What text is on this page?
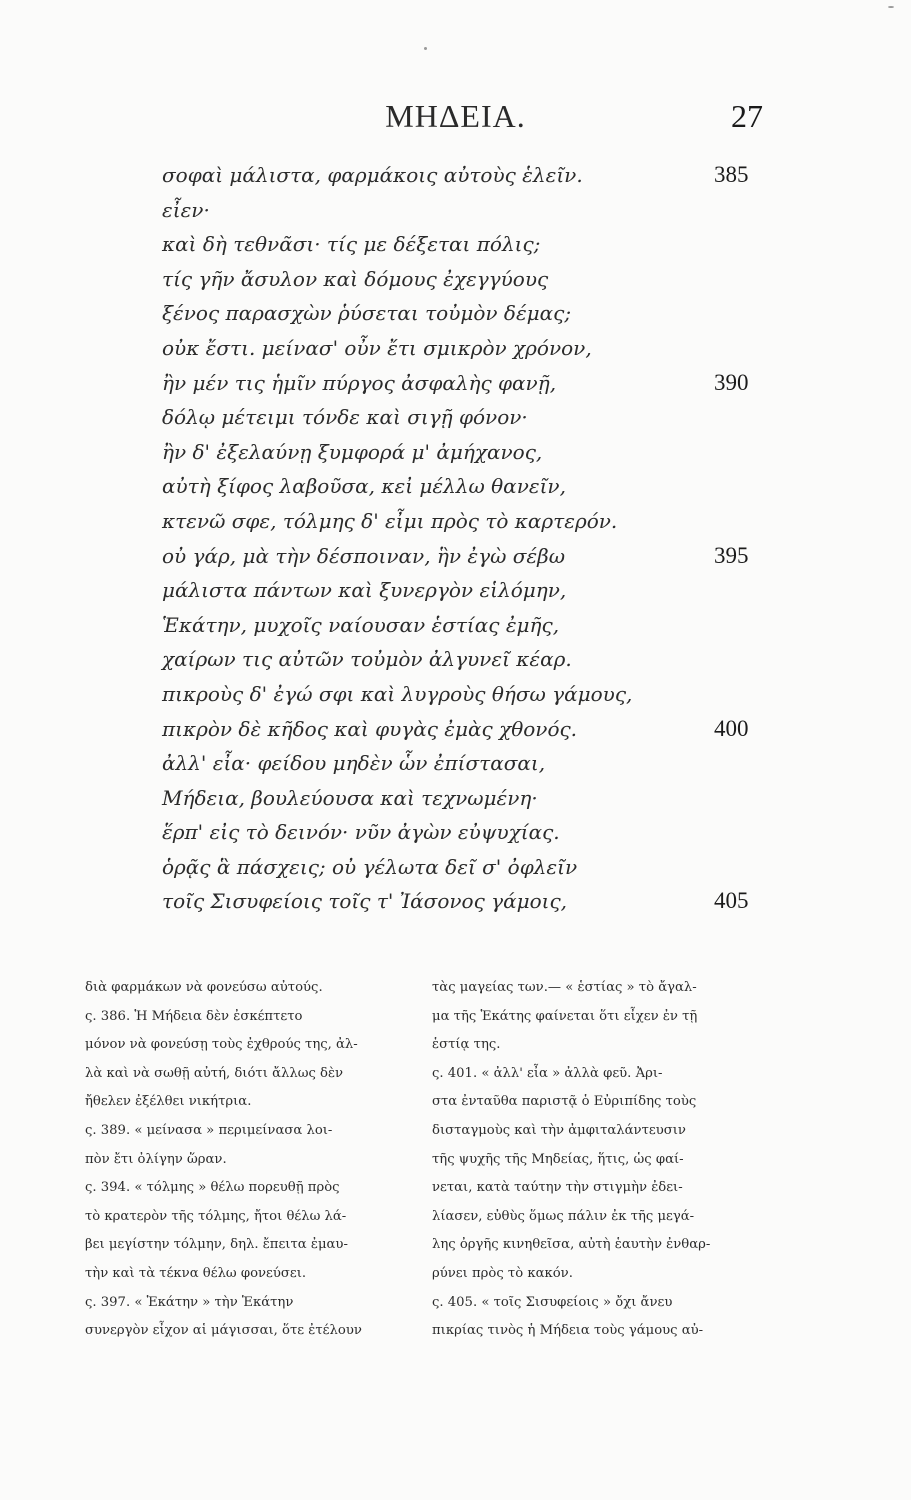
ΜΗΔΕΙΑ.	27
σοφαὶ μάλιστα, φαρμάκοις αὐτοὺς ἑλεῖν.	385
εἶεν·
καὶ δὴ τεθνᾶσι· τίς με δέξεται πόλις;
τίς γῆν ἄσυλον καὶ δόμους ἐχεγγύους
ξένος παρασχὼν ῥύσεται τοὐμὸν δέμας;
οὐκ ἔστι. μείνασ' οὖν ἔτι σμικρὸν χρόνον,
ἢν μέν τις ἡμῖν πύργος ἀσφαλὴς φανῇ,	390
δόλῳ μέτειμι τόνδε καὶ σιγῇ φόνον·
ἢν δ' ἐξελαύνῃ ξυμφορά μ' ἀμήχανος,
αὐτὴ ξίφος λαβοῦσα, κεἰ μέλλω θανεῖν,
κτενῶ σφε, τόλμης δ' εἶμι πρὸς τὸ καρτερόν.
οὐ γάρ, μὰ τὴν δέσποιναν, ἣν ἐγὼ σέβω	395
μάλιστα πάντων καὶ ξυνεργὸν εἱλόμην,
Ἑκάτην, μυχοῖς ναίουσαν ἑστίας ἐμῆς,
χαίρων τις αὐτῶν τοὐμὸν ἀλγυνεῖ κέαρ.
πικροὺς δ' ἐγώ σφι καὶ λυγροὺς θήσω γάμους,
πικρὸν δὲ κῆδος καὶ φυγὰς ἐμὰς χθονός.	400
ἀλλ' εἶα· φείδου μηδὲν ὧν ἐπίστασαι,
Μήδεια, βουλεύουσα καὶ τεχνωμένη·
ἕρπ' εἰς τὸ δεινόν· νῦν ἀγὼν εὐψυχίας.
ὁρᾷς ἃ πάσχεις; οὐ γέλωτα δεῖ σ' ὀφλεῖν
τοῖς Σισυφείοις τοῖς τ' Ἰάσονος γάμοις,	405
διὰ φαρμάκων νὰ φονεύσω αὐτούς.
ς. 386. Ἡ Μήδεια δὲν ἐσκέπτετο
μόνον νὰ φονεύσῃ τοὺς ἐχθρούς της, ἀλ-
λὰ καὶ νὰ σωθῇ αὐτή, διότι ἄλλως δὲν
ἤθελεν ἐξέλθει νικήτρια.
ς. 389. « μείνασα » περιμείνασα λοι-
πὸν ἔτι ὀλίγην ὥραν.
ς. 394. « τόλμης » θέλω πορευθῇ πρὸς
τὸ κρατερὸν τῆς τόλμης, ἤτοι θέλω λά-
βει μεγίστην τόλμην, δηλ. ἔπειτα ἐμαυ-
τὴν καὶ τὰ τέκνα θέλω φονεύσει.
ς. 397. « Ἑκάτην » τὴν Ἑκάτην
συνεργὸν εἶχον αἱ μάγισσαι, ὅτε ἐτέλουν
τὰς μαγείας των.— « ἑστίας » τὸ ἄγαλ-
μα τῆς Ἑκάτης φαίνεται ὅτι εἶχεν ἐν τῇ
ἑστίᾳ της.
ς. 401. « ἀλλ' εἶα » ἀλλὰ φεῦ. Ἀρι-
στα ἐνταῦθα παριστᾷ ὁ Εὐριπίδης τοὺς
δισταγμοὺς καὶ τὴν ἀμφιταλάντευσιν
τῆς ψυχῆς τῆς Μηδείας, ἥτις, ὡς φαί-
νεται, κατὰ ταύτην τὴν στιγμὴν ἐδει-
λίασεν, εὐθὺς ὅμως πάλιν ἐκ τῆς μεγά-
λης ὀργῆς κινηθεῖσα, αὐτὴ ἑαυτὴν ἐνθαρ-
ρύνει πρὸς τὸ κακόν.
ς. 405. « τοῖς Σισυφείοις » ὄχι ἄνευ
πικρίας τινὸς ἡ Μήδεια τοὺς γάμους αὐ-
